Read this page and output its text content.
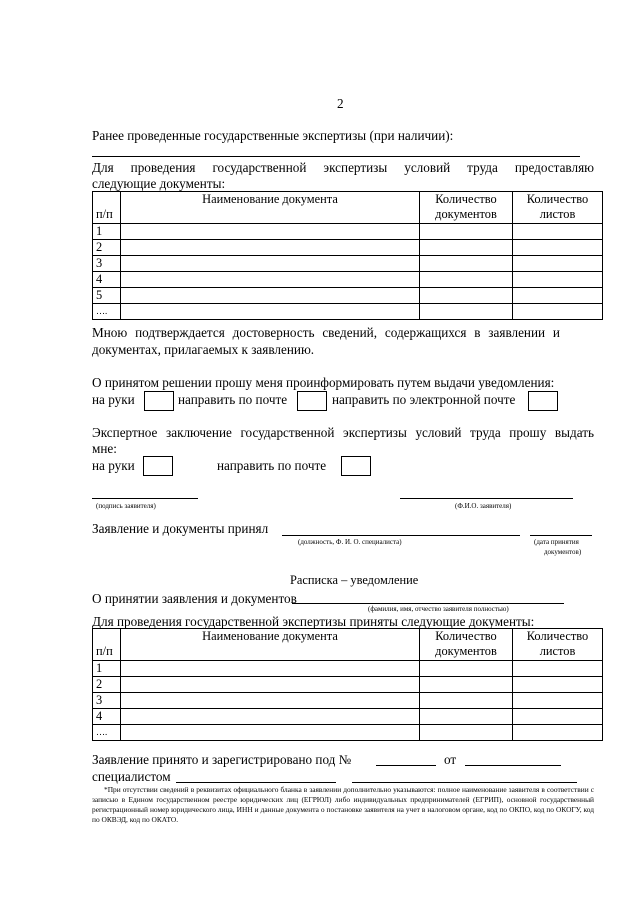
2
Ранее проведенные государственные экспертизы (при наличии):
Для проведения государственной экспертизы условий труда предоставляю
следующие документы:
п/п	Наименование документа	Количество документов	Количество листов
1			
2			
3			
4			
5			
….			
Мною подтверждается достоверность сведений, содержащихся в заявлении и
документах, прилагаемых к заявлению.
О принятом решении прошу меня проинформировать путем выдачи уведомления:
на руки	направить по почте	направить по электронной почте
Экспертное заключение государственной экспертизы условий труда прошу выдать
мне:
на руки	направить по почте
(подпись заявителя)	(Ф.И.О. заявителя)
Заявление и документы принял
(должность, Ф. И. О. специалиста)	(дата принятия
документов)
Расписка – уведомление
О принятии заявления и документов
(фамилия, имя, отчество заявителя полностью)
Для проведения государственной экспертизы приняты следующие документы:
п/п	Наименование документа	Количество документов	Количество листов
1			
2			
3			
4			
….			
Заявление принято и зарегистрировано под №	от
специалистом
*При отсутствии сведений в реквизитах официального бланка в заявлении дополнительно указываются: полное наименование заявителя в соответствии с записью в Едином государственном реестре юридических лиц (ЕГРЮЛ) либо индивидуальных предпринимателей (ЕГРИП), основной государственный регистрационный номер юридического лица, ИНН и данные документа о постановке заявителя на учет в налоговом органе, код по ОКПО, код по ОКОГУ, код по ОКВЭД, код по ОКАТО.
